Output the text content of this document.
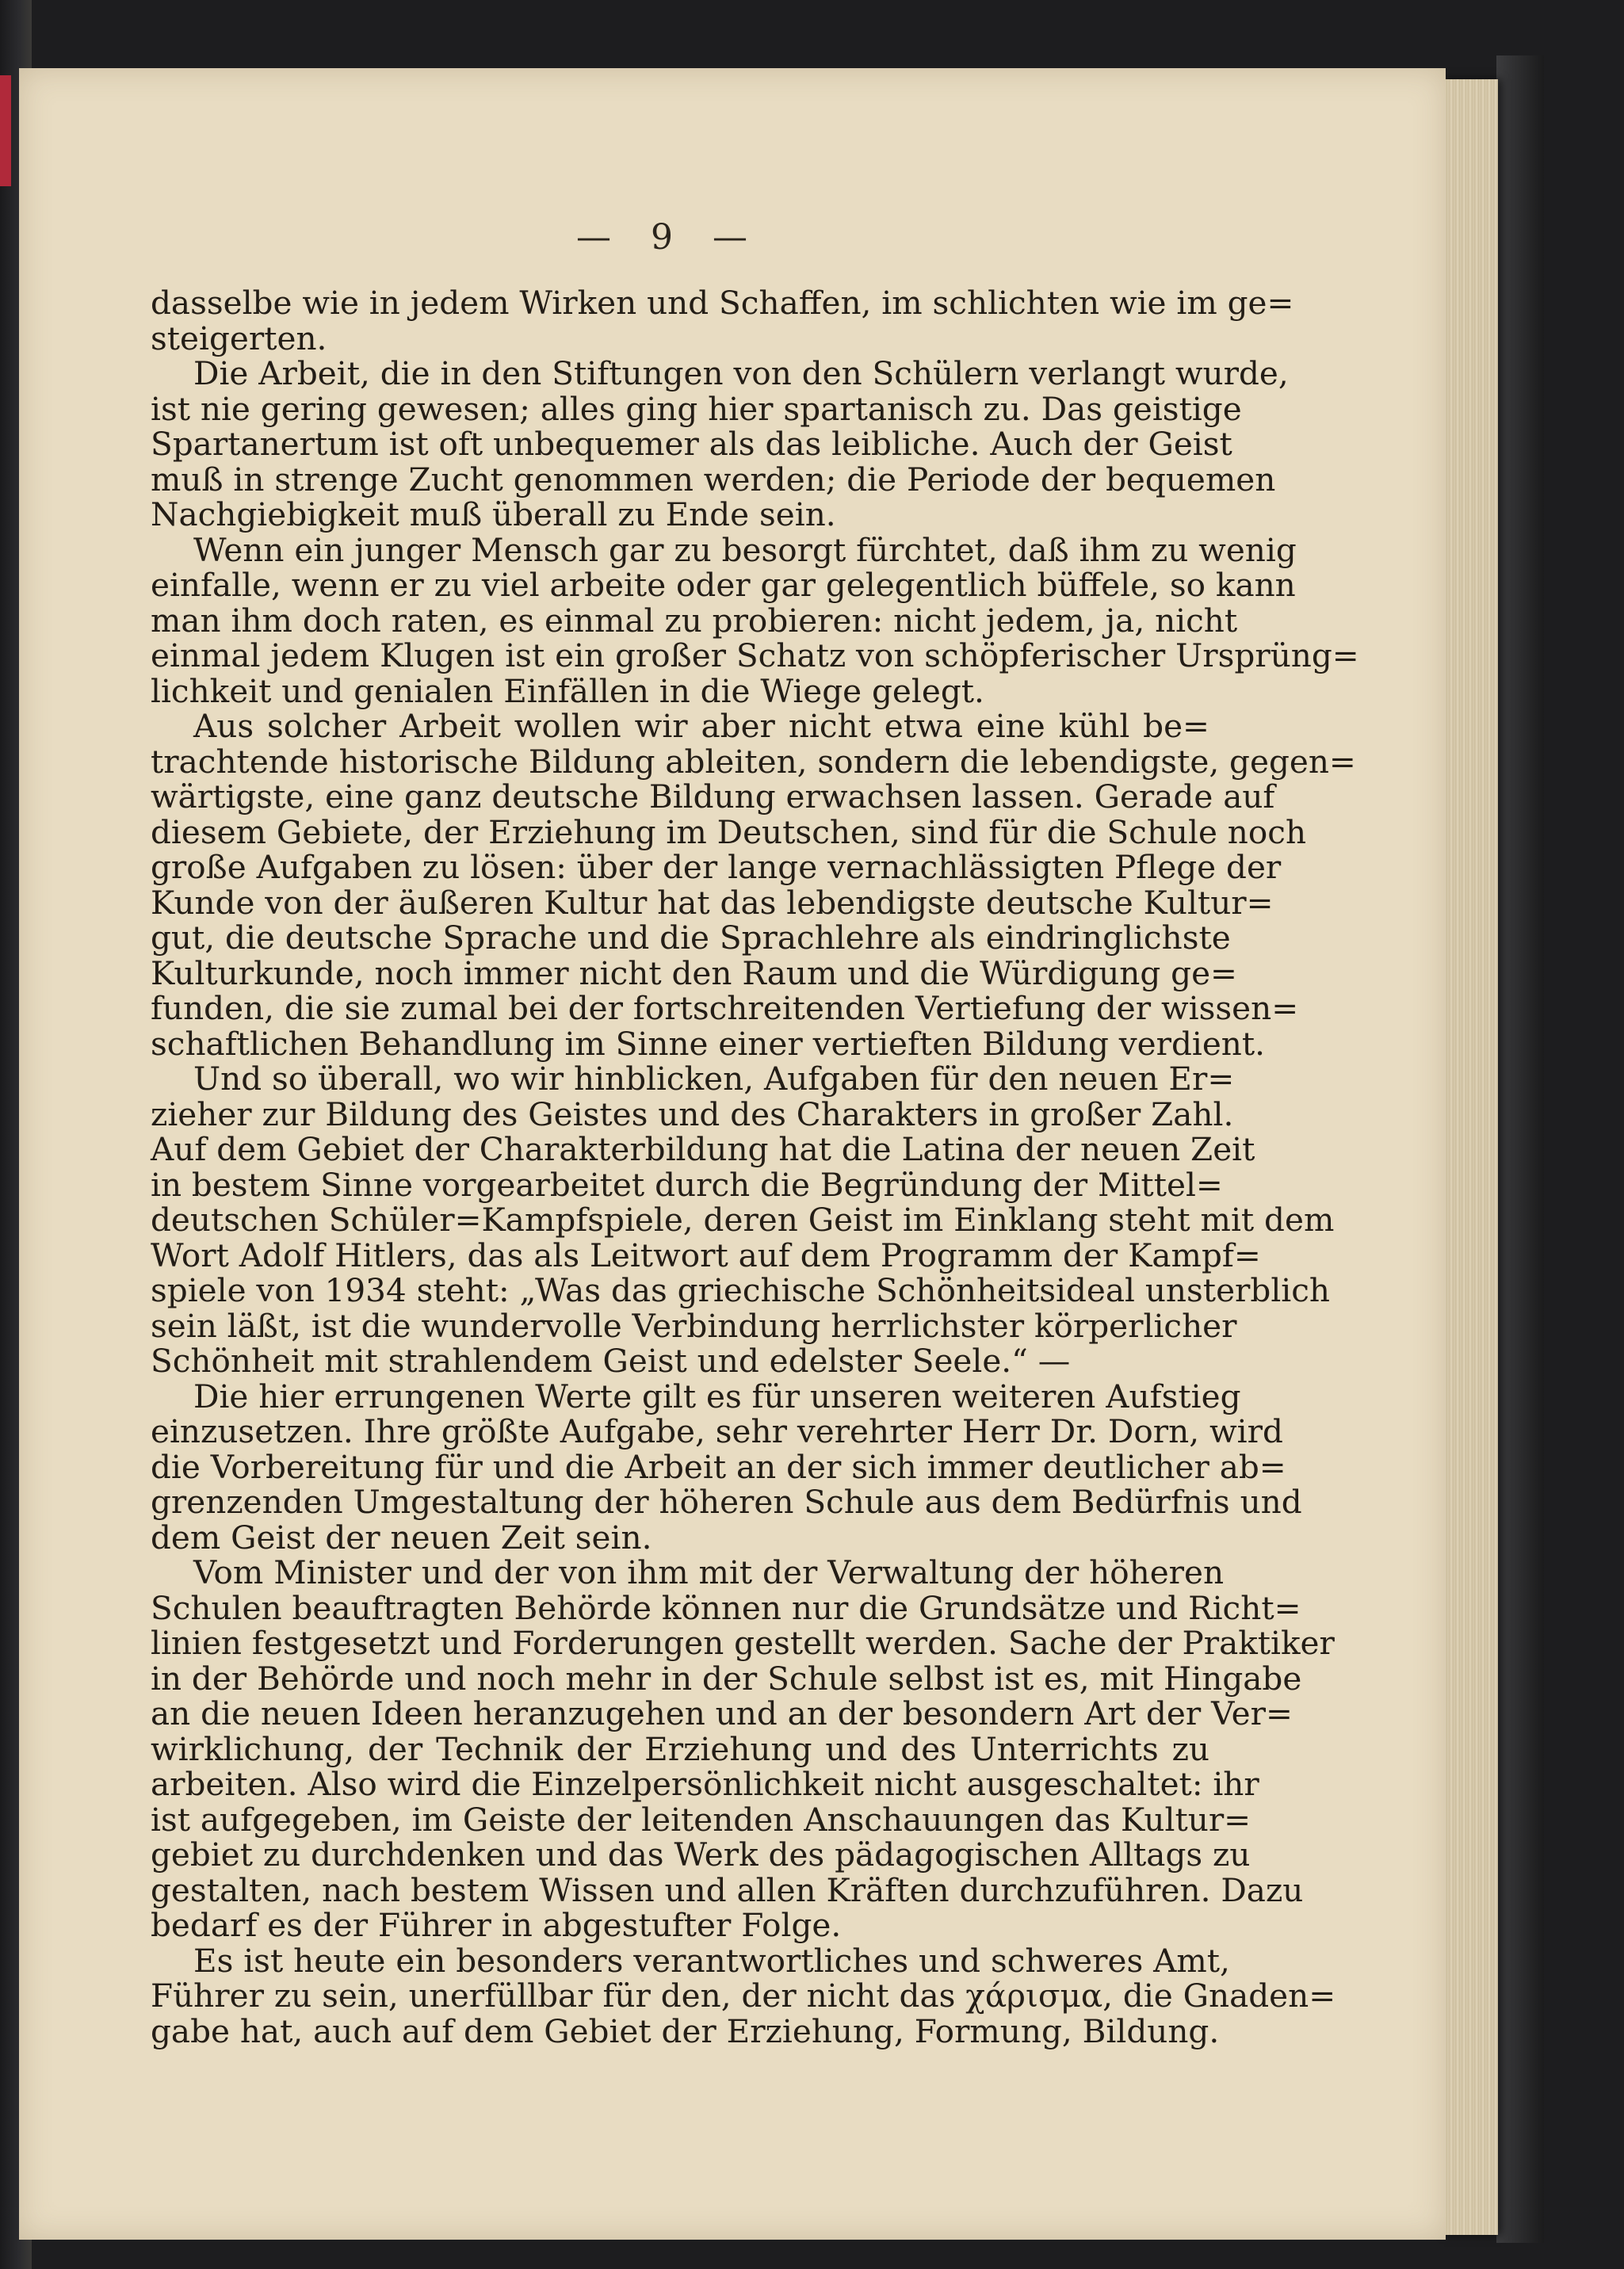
— 9 —
dasselbe wie in jedem Wirken und Schaffen, im schlichten wie im ge=
steigerten.
Die Arbeit, die in den Stiftungen von den Schülern verlangt wurde,
ist nie gering gewesen; alles ging hier spartanisch zu. Das geistige
Spartanertum ist oft unbequemer als das leibliche. Auch der Geist
muß in strenge Zucht genommen werden; die Periode der bequemen
Nachgiebigkeit muß überall zu Ende sein.
Wenn ein junger Mensch gar zu besorgt fürchtet, daß ihm zu wenig
einfalle, wenn er zu viel arbeite oder gar gelegentlich büffele, so kann
man ihm doch raten, es einmal zu probieren: nicht jedem, ja, nicht
einmal jedem Klugen ist ein großer Schatz von schöpferischer Ursprüng=
lichkeit und genialen Einfällen in die Wiege gelegt.
Aus solcher Arbeit wollen wir aber nicht etwa eine kühl be=
trachtende historische Bildung ableiten, sondern die lebendigste, gegen=
wärtigste, eine ganz deutsche Bildung erwachsen lassen. Gerade auf
diesem Gebiete, der Erziehung im Deutschen, sind für die Schule noch
große Aufgaben zu lösen: über der lange vernachlässigten Pflege der
Kunde von der äußeren Kultur hat das lebendigste deutsche Kultur=
gut, die deutsche Sprache und die Sprachlehre als eindringlichste
Kulturkunde, noch immer nicht den Raum und die Würdigung ge=
funden, die sie zumal bei der fortschreitenden Vertiefung der wissen=
schaftlichen Behandlung im Sinne einer vertieften Bildung verdient.
Und so überall, wo wir hinblicken, Aufgaben für den neuen Er=
zieher zur Bildung des Geistes und des Charakters in großer Zahl.
Auf dem Gebiet der Charakterbildung hat die Latina der neuen Zeit
in bestem Sinne vorgearbeitet durch die Begründung der Mittel=
deutschen Schüler=Kampfspiele, deren Geist im Einklang steht mit dem
Wort Adolf Hitlers, das als Leitwort auf dem Programm der Kampf=
spiele von 1934 steht: „Was das griechische Schönheitsideal unsterblich
sein läßt, ist die wundervolle Verbindung herrlichster körperlicher
Schönheit mit strahlendem Geist und edelster Seele.“ —
Die hier errungenen Werte gilt es für unseren weiteren Aufstieg
einzusetzen. Ihre größte Aufgabe, sehr verehrter Herr Dr. Dorn, wird
die Vorbereitung für und die Arbeit an der sich immer deutlicher ab=
grenzenden Umgestaltung der höheren Schule aus dem Bedürfnis und
dem Geist der neuen Zeit sein.
Vom Minister und der von ihm mit der Verwaltung der höheren
Schulen beauftragten Behörde können nur die Grundsätze und Richt=
linien festgesetzt und Forderungen gestellt werden. Sache der Praktiker
in der Behörde und noch mehr in der Schule selbst ist es, mit Hingabe
an die neuen Ideen heranzugehen und an der besondern Art der Ver=
wirklichung, der Technik der Erziehung und des Unterrichts zu
arbeiten. Also wird die Einzelpersönlichkeit nicht ausgeschaltet: ihr
ist aufgegeben, im Geiste der leitenden Anschauungen das Kultur=
gebiet zu durchdenken und das Werk des pädagogischen Alltags zu
gestalten, nach bestem Wissen und allen Kräften durchzuführen. Dazu
bedarf es der Führer in abgestufter Folge.
Es ist heute ein besonders verantwortliches und schweres Amt,
Führer zu sein, unerfüllbar für den, der nicht das χάρισμα, die Gnaden=
gabe hat, auch auf dem Gebiet der Erziehung, Formung, Bildung.
